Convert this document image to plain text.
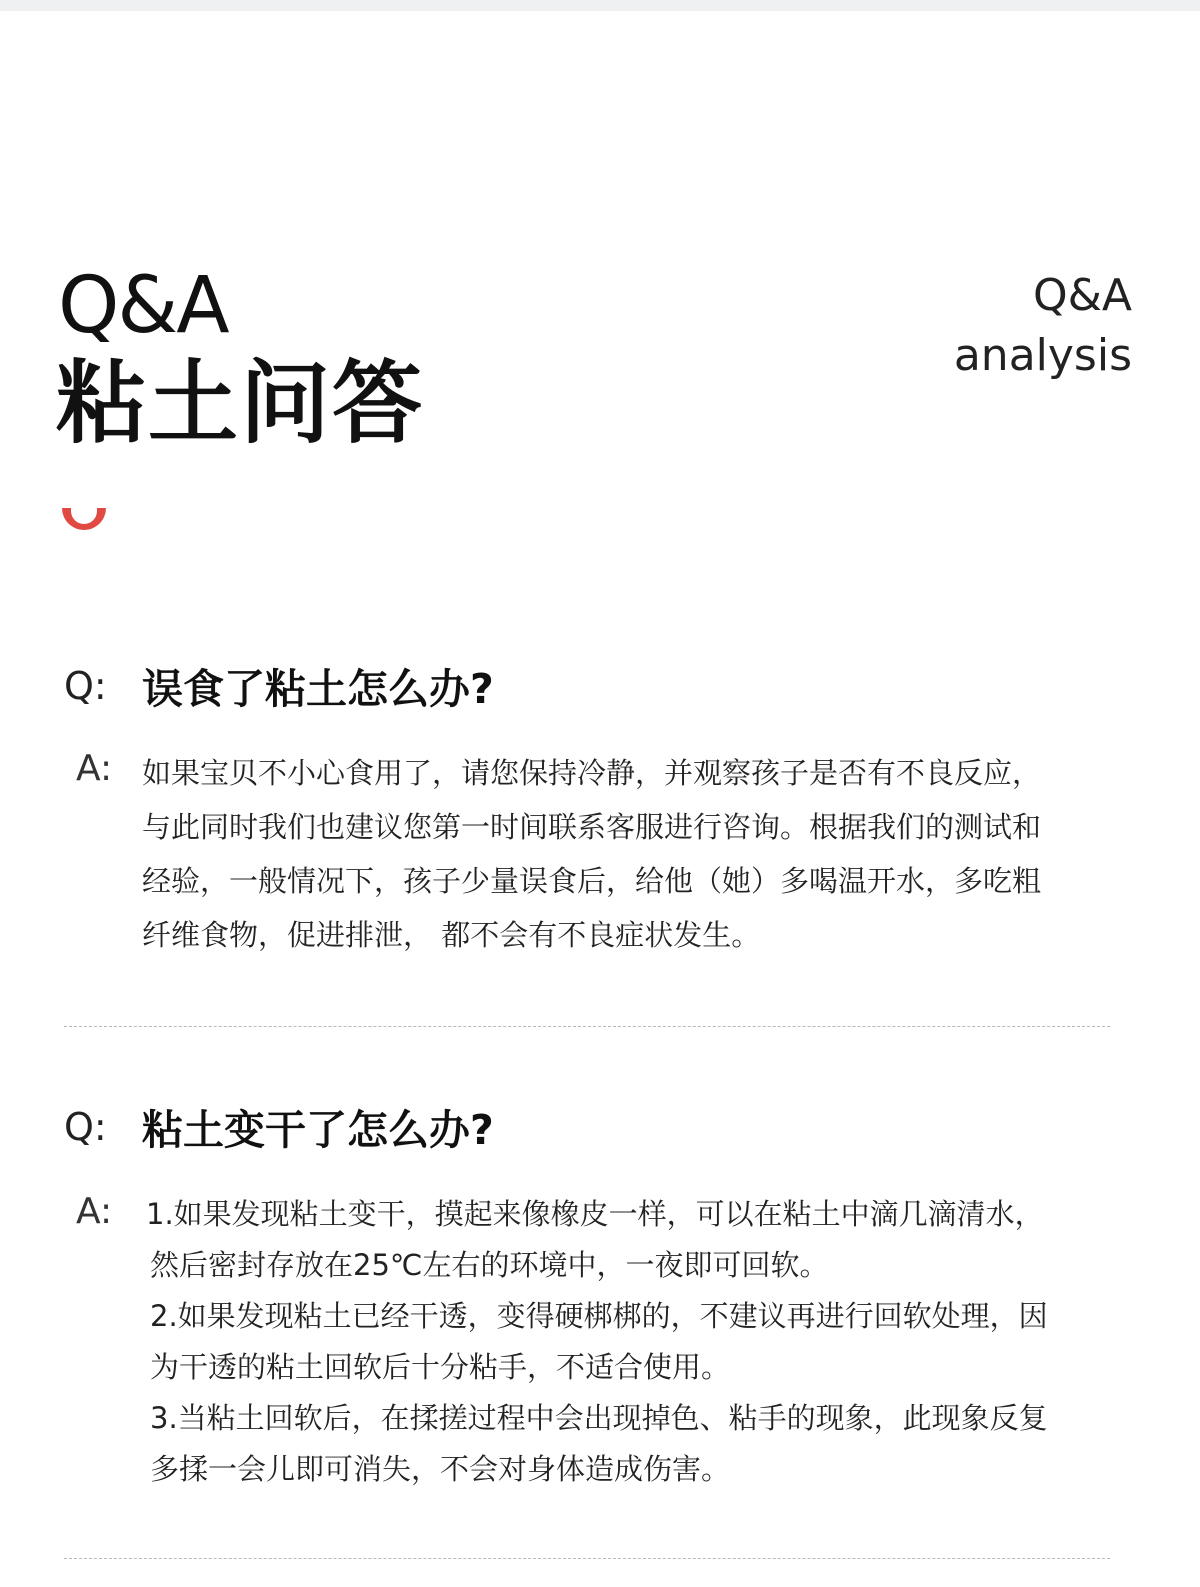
Q&A
粘土问答
Q&A
analysis
Q: 误食了粘土怎么办?
A: 如果宝贝不小心食用了，请您保持冷静，并观察孩子是否有不良反应，
与此同时我们也建议您第一时间联系客服进行咨询。根据我们的测试和
经验，一般情况下，孩子少量误食后，给他（她）多喝温开水，多吃粗
纤维食物，促进排泄， 都不会有不良症状发生。
Q: 粘土变干了怎么办?
A: 1.如果发现粘土变干，摸起来像橡皮一样，可以在粘土中滴几滴清水，
然后密封存放在25℃左右的环境中，一夜即可回软。
2.如果发现粘土已经干透，变得硬梆梆的，不建议再进行回软处理，因
为干透的粘土回软后十分粘手，不适合使用。
3.当粘土回软后，在揉搓过程中会出现掉色、粘手的现象，此现象反复
多揉一会儿即可消失，不会对身体造成伤害。
